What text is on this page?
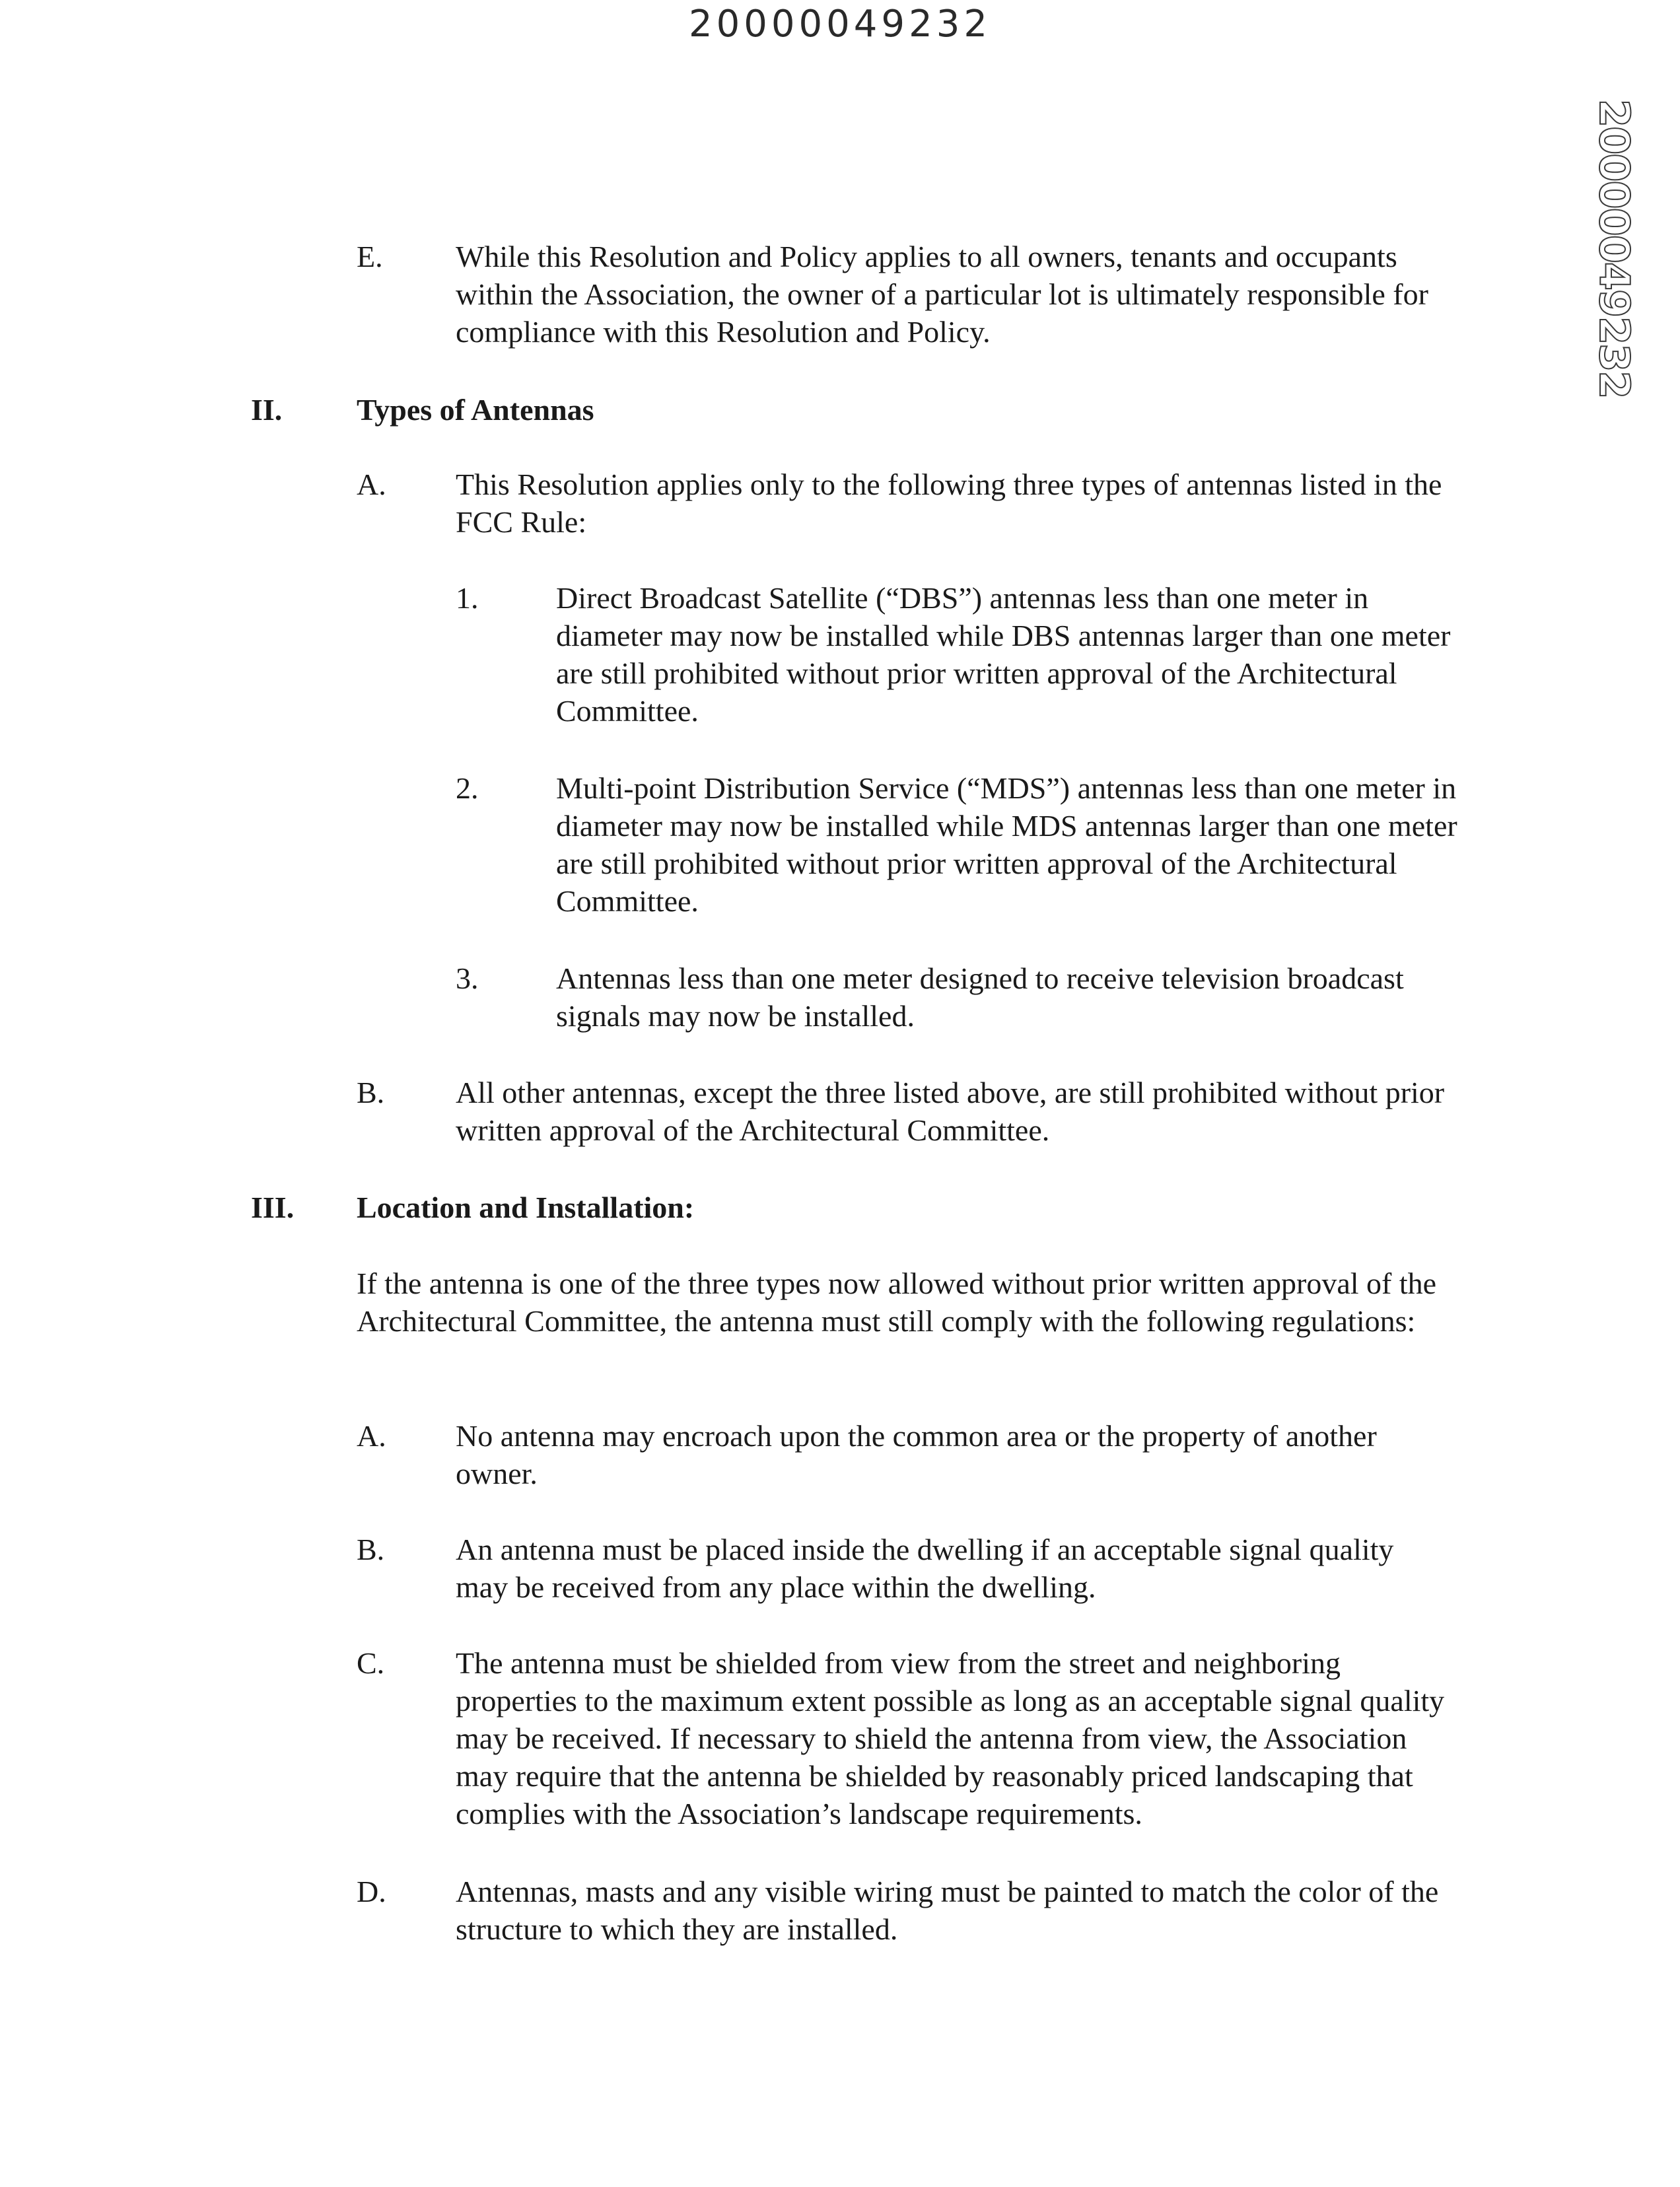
20000049232
20000049232
E. While this Resolution and Policy applies to all owners, tenants and occupants within the Association, the owner of a particular lot is ultimately responsible for compliance with this Resolution and Policy.
II. Types of Antennas
A. This Resolution applies only to the following three types of antennas listed in the FCC Rule:
1.	Direct Broadcast Satellite (“DBS”) antennas less than one meter in diameter may now be installed while DBS antennas larger than one meter are still prohibited without prior written approval of the Architectural Committee.
2.	Multi-point Distribution Service (“MDS”) antennas less than one meter in diameter may now be installed while MDS antennas larger than one meter are still prohibited without prior written approval of the Architectural Committee.
3.	Antennas less than one meter designed to receive television broadcast signals may now be installed.
B. All other antennas, except the three listed above, are still prohibited without prior written approval of the Architectural Committee.
III. Location and Installation:
If the antenna is one of the three types now allowed without prior written approval of the Architectural Committee, the antenna must still comply with the following regulations:
A. No antenna may encroach upon the common area or the property of another owner.
B. An antenna must be placed inside the dwelling if an acceptable signal quality may be received from any place within the dwelling.
C. The antenna must be shielded from view from the street and neighboring properties to the maximum extent possible as long as an acceptable signal quality may be received. If necessary to shield the antenna from view, the Association may require that the antenna be shielded by reasonably priced landscaping that complies with the Association’s landscape requirements.
D. Antennas, masts and any visible wiring must be painted to match the color of the structure to which they are installed.
